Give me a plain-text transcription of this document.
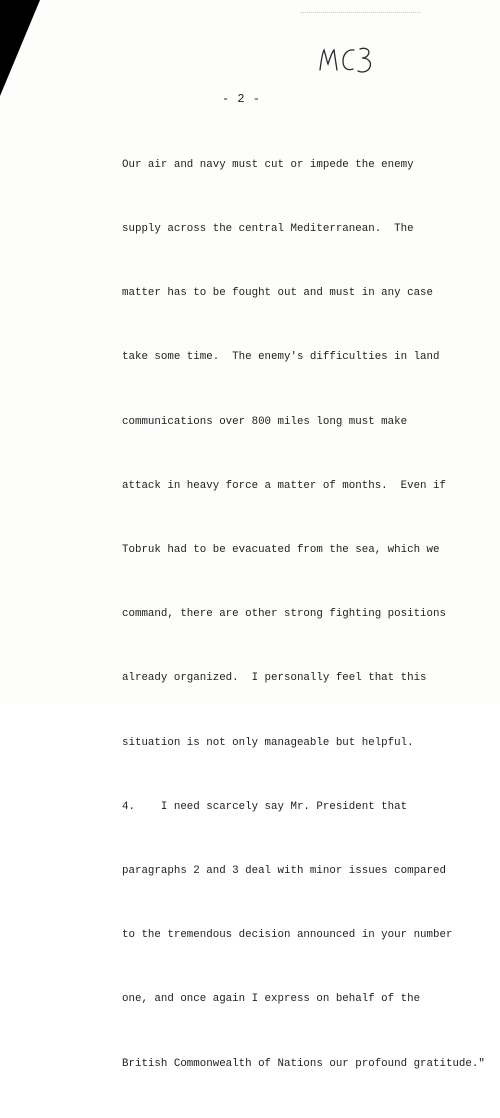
- 2 -

Our air and navy must cut or impede the enemy

supply across the central Mediterranean.  The

matter has to be fought out and must in any case

take some time.  The enemy's difficulties in land

communications over 800 miles long must make

attack in heavy force a matter of months.  Even if

Tobruk had to be evacuated from the sea, which we

command, there are other strong fighting positions

already organized.  I personally feel that this

situation is not only manageable but helpful.

4.    I need scarcely say Mr. President that

paragraphs 2 and 3 deal with minor issues compared

to the tremendous decision announced in your number

one, and once again I express on behalf of the

British Commonwealth of Nations our profound gratitude."
